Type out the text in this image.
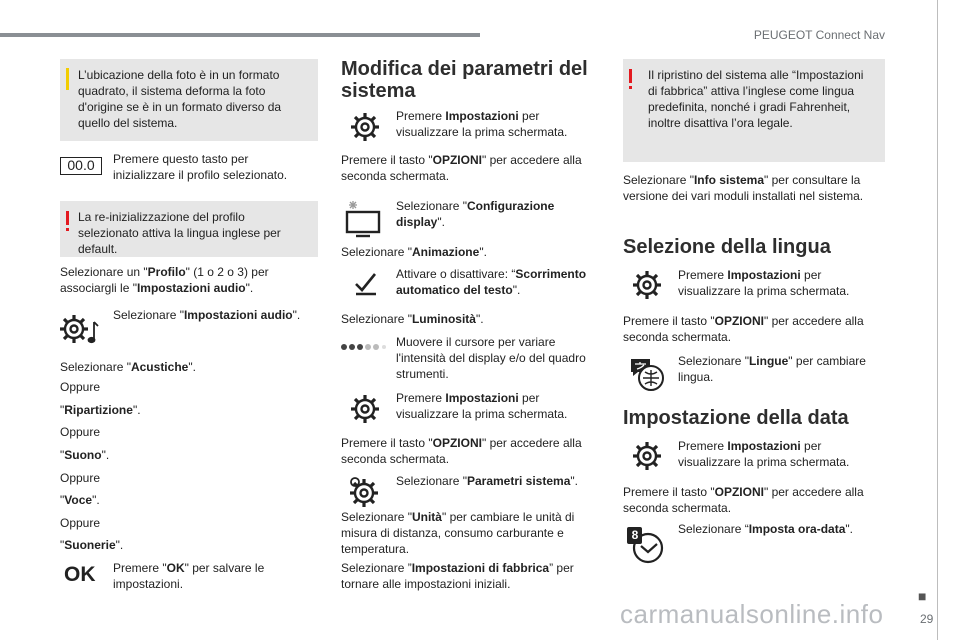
PEUGEOT Connect Nav
L’ubicazione della foto è in un formato
quadrato, il sistema deforma la foto
d'origine se è in un formato diverso da
quello del sistema.
00.0	Premere questo tasto per
inizializzare il profilo selezionato.
La re-inizializzazione del profilo
selezionato attiva la lingua inglese per
default.
Selezionare un "Profilo" (1 o 2 o 3) per
associargli le "Impostazioni audio".
Selezionare "Impostazioni audio".
Selezionare "Acustiche".
Oppure
"Ripartizione".
Oppure
"Suono".
Oppure
"Voce".
Oppure
"Suonerie".
OK Premere "OK" per salvare le
impostazioni.
Modifica dei parametri del
sistema
Premere Impostazioni per
visualizzare la prima schermata.
Premere il tasto "OPZIONI" per accedere alla
seconda schermata.
Selezionare "Configurazione
display".
Selezionare "Animazione".
Attivare o disattivare: “Scorrimento
automatico del testo".
Selezionare "Luminosità".
Muovere il cursore per variare
l'intensità del display e/o del quadro
strumenti.
Premere Impostazioni per
visualizzare la prima schermata.
Premere il tasto "OPZIONI" per accedere alla
seconda schermata.
Selezionare "Parametri sistema".
Selezionare "Unità" per cambiare le unità di
misura di distanza, consumo carburante e
temperatura.
Selezionare ”Impostazioni di fabbrica” per
tornare alle impostazioni iniziali.
Il ripristino del sistema alle “Impostazioni
di fabbrica” attiva l’inglese come lingua
predefinita, nonché i gradi Fahrenheit,
inoltre disattiva l’ora legale.
Selezionare "Info sistema" per consultare la
versione dei vari moduli installati nel sistema.
Selezione della lingua
Premere Impostazioni per
visualizzare la prima schermata.
Premere il tasto "OPZIONI" per accedere alla
seconda schermata.
Selezionare "Lingue" per cambiare
lingua.
Impostazione della data
Premere Impostazioni per
visualizzare la prima schermata.
Premere il tasto "OPZIONI" per accedere alla
seconda schermata.
8	Selezionare “Imposta ora-data".
■
29
carmanualsonline.info
